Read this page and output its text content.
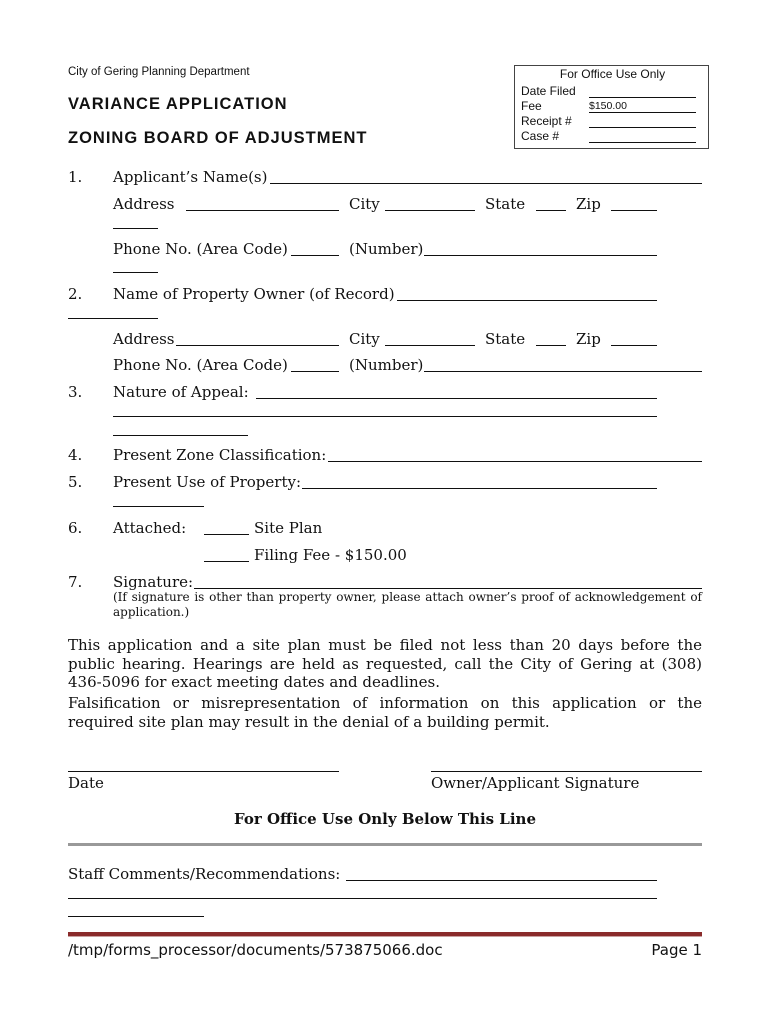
City of Gering Planning Department
VARIANCE APPLICATION
ZONING BOARD OF ADJUSTMENT
For Office Use Only
Date Filed
Fee	$150.00
Receipt #
Case #
1. Applicant’s Name(s)
Address	City	State	Zip
Phone No. (Area Code)	(Number)
2. Name of Property Owner (of Record)
Address	City	State	Zip
Phone No. (Area Code)	(Number)
3. Nature of Appeal:
4. Present Zone Classification:
5. Present Use of Property:
6. Attached:	Site Plan
Filing Fee - $150.00
7. Signature:
(If signature is other than property owner, please attach owner’s proof of acknowledgement of application.)
This application and a site plan must be filed not less than 20 days before the public hearing. Hearings are held as requested, call the City of Gering at (308) 436-5096 for exact meeting dates and deadlines.
Falsification or misrepresentation of information on this application or the required site plan may result in the denial of a building permit.
Date	Owner/Applicant Signature
For Office Use Only Below This Line
Staff Comments/Recommendations:
/tmp/forms_processor/documents/573875066.doc	Page 1
